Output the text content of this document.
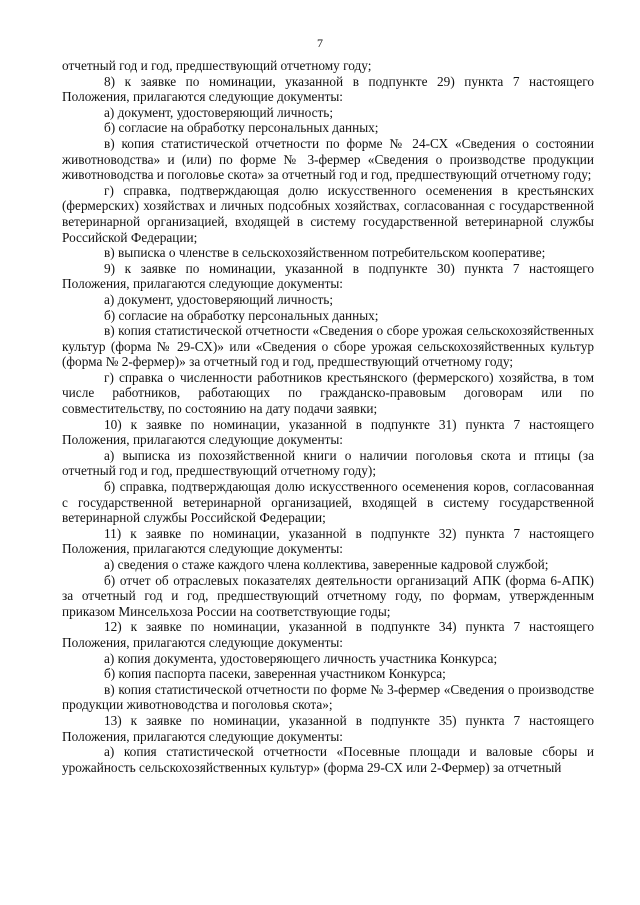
7

отчетный год и год, предшествующий отчетному году;

8) к заявке по номинации, указанной в подпункте 29) пункта 7 настоящего Положения, прилагаются следующие документы:

а) документ, удостоверяющий личность;

б) согласие на обработку персональных данных;

в) копия статистической отчетности по форме № 24-СХ «Сведения о состоянии животноводства» и (или) по форме № 3-фермер «Сведения о производстве продукции животноводства и поголовье скота» за отчетный год и год, предшествующий отчетному году;

г) справка, подтверждающая долю искусственного осеменения в крестьянских (фермерских) хозяйствах и личных подсобных хозяйствах, согласованная с государственной ветеринарной организацией, входящей в систему государственной ветеринарной службы Российской Федерации;

в) выписка о членстве в сельскохозяйственном потребительском кооперативе;

9) к заявке по номинации, указанной в подпункте 30) пункта 7 настоящего Положения, прилагаются следующие документы:

а) документ, удостоверяющий личность;

б) согласие на обработку персональных данных;

в) копия статистической отчетности «Сведения о сборе урожая сельскохозяйственных культур (форма № 29-СХ)» или «Сведения о сборе урожая сельскохозяйственных культур (форма № 2-фермер)» за отчетный год и год, предшествующий отчетному году;

г) справка о численности работников крестьянского (фермерского) хозяйства, в том числе работников, работающих по гражданско-правовым договорам или по совместительству, по состоянию на дату подачи заявки;

10) к заявке по номинации, указанной в подпункте 31) пункта 7 настоящего Положения, прилагаются следующие документы:

а) выписка из похозяйственной книги о наличии поголовья скота и птицы (за отчетный год и год, предшествующий отчетному году);

б) справка, подтверждающая долю искусственного осеменения коров, согласованная с государственной ветеринарной организацией, входящей в систему государственной ветеринарной службы Российской Федерации;

11) к заявке по номинации, указанной в подпункте 32) пункта 7 настоящего Положения, прилагаются следующие документы:

а) сведения о стаже каждого члена коллектива, заверенные кадровой службой;

б) отчет об отраслевых показателях деятельности организаций АПК (форма 6-АПК) за отчетный год и год, предшествующий отчетному году, по формам, утвержденным приказом Минсельхоза России на соответствующие годы;

12) к заявке по номинации, указанной в подпункте 34) пункта 7 настоящего Положения, прилагаются следующие документы:

а) копия документа, удостоверяющего личность участника Конкурса;

б) копия паспорта пасеки, заверенная участником Конкурса;

в) копия статистической отчетности по форме № 3-фермер «Сведения о производстве продукции животноводства и поголовья скота»;

13) к заявке по номинации, указанной в подпункте 35) пункта 7 настоящего Положения, прилагаются следующие документы:

а) копия статистической отчетности «Посевные площади и валовые сборы и урожайность сельскохозяйственных культур» (форма 29-СХ или 2-Фермер) за отчетный
